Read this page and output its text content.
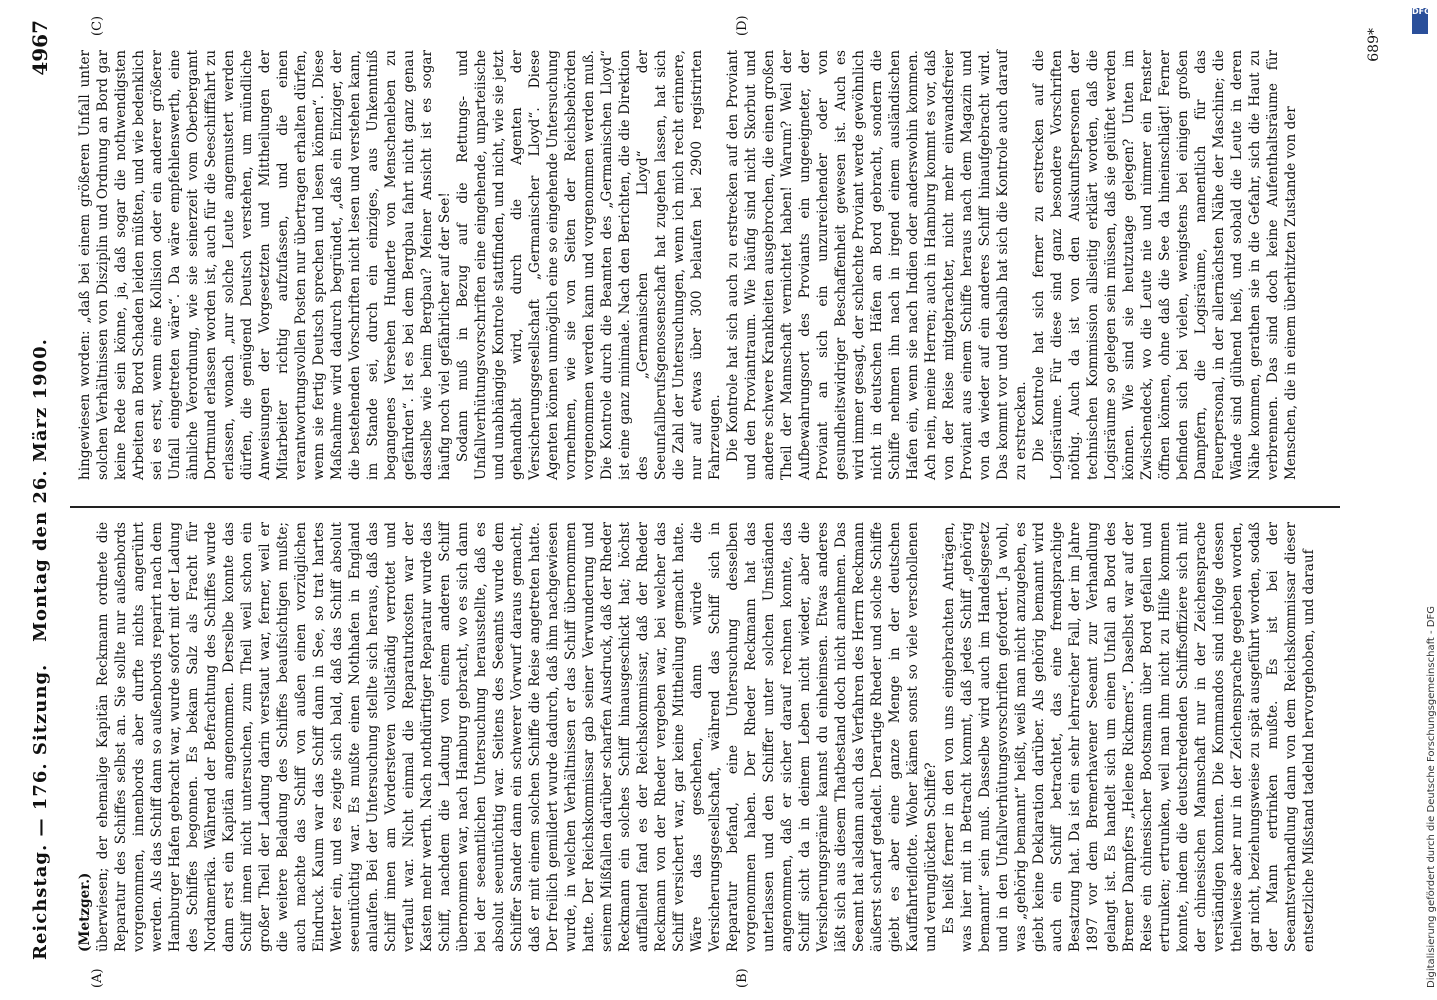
Reichstag. — 176. Sitzung.
Montag den 26. März 1900.
4967
(A)	(B)
(C)	(D)

(Metzger.) überwiesen; der ehemalige Kapitän Reckmann ordnete die Reparatur des Schiffes selbst an. Sie sollte nur außenbords vorgenommen, innenbords aber durfte nichts angerührt werden. Als das Schiff dann so außenbords reparirt nach dem Hamburger Hafen gebracht war, wurde sofort mit der Ladung des Schiffes begonnen. Es bekam Salz als Fracht für Nordamerika. Während der Befrachtung des Schiffes wurde dann erst ein Kapitän angenommen. Derselbe konnte das Schiff innen nicht untersuchen, zum Theil weil schon ein großer Theil der Ladung darin verstaut war, ferner, weil er die weitere Beladung des Schiffes beaufsichtigen mußte; auch machte das Schiff von außen einen vorzüglichen Eindruck. Kaum war das Schiff dann in See, so trat hartes Wetter ein, und es zeigte sich bald, daß das Schiff absolut seeuntüchtig war. Es mußte einen Nothhafen in England anlaufen. Bei der Untersuchung stellte sich heraus, daß das Schiff innen am Vordersteven vollständig verrottet und verfault war. Nicht einmal die Reparaturkosten war der Kasten mehr werth. Nach nothdürftiger Reparatur wurde das Schiff, nachdem die Ladung von einem anderen Schiff übernommen war, nach Hamburg gebracht, wo es sich dann bei der seeamtlichen Untersuchung herausstellte, daß es absolut seeuntüchtig war. Seitens des Seeamts wurde dem Schiffer Sander dann ein schwerer Vorwurf daraus gemacht, daß er mit einem solchen Schiffe die Reise angetreten hatte. Der freilich gemildert wurde dadurch, daß ihm nachgewiesen wurde, in welchen Verhältnissen er das Schiff übernommen hatte. Der Reichskommissar gab seiner Verwunderung und seinem Mißfallen darüber scharfen Ausdruck, daß der Rheder Reckmann ein solches Schiff hinausgeschickt hat; höchst auffallend fand es der Reichskommissar, daß der Rheder Reckmann von der Rheder vergeben war, bei welcher das Schiff versichert war, gar keine Mittheilung gemacht hatte. Wäre das geschehen, dann würde die Versicherungsgesellschaft, während das Schiff sich in Reparatur befand, eine Untersuchung desselben vorgenommen haben. Der Rheder Reckmann hat das unterlassen und den Schiffer unter solchen Umständen angenommen, daß er sicher darauf rechnen konnte, das Schiff sicht da in deinem Leben nicht wieder, aber die Versicherungsprämie kannst du einheimsen. Etwas anderes läßt sich aus diesem Thatbestand doch nicht annehmen. Das Seeamt hat alsdann auch das Verfahren des Herrn Reckmann äußerst scharf getadelt. Derartige Rheder und solche Schiffe giebt es aber eine ganze Menge in der deutschen Kauffahrteiflotte. Woher kämen sonst so viele verschollenen und verunglückten Schiffe? Es heißt ferner in den von uns eingebrachten Anträgen, was hier mit in Betracht kommt, daß jedes Schiff „gehörig bemannt“ sein muß. Dasselbe wird auch im Handelsgesetz und in den Unfallverhütungsvorschriften gefordert. Ja wohl, was „gehörig bemannt“ heißt, weiß man nicht anzugeben, es giebt keine Deklaration darüber. Als gehörig bemannt wird auch ein Schiff betrachtet, das eine fremdsprachige Besatzung hat. Da ist ein sehr lehrreicher Fall, der im Jahre 1897 vor dem Bremerhavener Seeamt zur Verhandlung gelangt ist. Es handelt sich um einen Unfall an Bord des Bremer Dampfers „Helene Rickmers“. Daselbst war auf der Reise ein chinesischer Bootsmann über Bord gefallen und ertrunken; ertrunken, weil man ihm nicht zu Hilfe kommen konnte, indem die deutschredenden Schiffsoffiziere sich mit der chinesischen Mannschaft nur in der Zeichensprache verständigen konnten. Die Kommandos sind infolge dessen theilweise aber nur in der Zeichensprache gegeben worden, gar nicht, beziehungsweise zu spät ausgeführt worden, sodaß der Mann ertrinken mußte. Es ist bei der Seeamtsverhandlung dann von dem Reichskommissar dieser entsetzliche Mißstand tadelnd hervorgehoben, und darauf

hingewiesen worden: „daß bei einem größeren Unfall unter solchen Verhältnissen von Disziplin und Ordnung an Bord gar keine Rede sein könne, ja, daß sogar die nothwendigsten Arbeiten an Bord Schaden leiden müßten, und wie bedenklich sei es erst, wenn eine Kollision oder ein anderer größerer Unfall eingetreten wäre“. Da wäre empfehlenswerth, eine ähnliche Verordnung, wie sie seinerzeit vom Oberbergamt Dortmund erlassen worden ist, auch für die Seeschifffahrt zu erlassen, wonach „nur solche Leute angemustert werden dürfen, die genügend Deutsch verstehen, um mündliche Anweisungen der Vorgesetzten und Mittheilungen der Mitarbeiter richtig aufzufassen, und die einen verantwortungsvollen Posten nur übertragen erhalten dürfen, wenn sie fertig Deutsch sprechen und lesen können“. Diese Maßnahme wird dadurch begründet, „daß ein Einziger, der die bestehenden Vorschriften nicht lesen und verstehen kann, im Stande sei, durch ein einziges, aus Unkenntniß begangenes Versehen Hunderte von Menschenleben zu gefährden“. Ist es bei dem Bergbau fahrt nicht ganz genau dasselbe wie beim Bergbau? Meiner Ansicht ist es sogar häufig noch viel gefährlicher auf der See! Sodann muß in Bezug auf die Rettungs- und Unfallverhütungsvorschriften eine eingehende, unparteiische und unabhängige Kontrole stattfinden, und nicht, wie sie jetzt gehandhabt wird, durch die Agenten der Versicherungsgesellschaft „Germanischer Lloyd“. Diese Agenten können unmöglich eine so eingehende Untersuchung vornehmen, wie sie von Seiten der Reichsbehörden vorgenommen werden kann und vorgenommen werden muß. Die Kontrole durch die Beamten des „Germanischen Lloyd“ ist eine ganz minimale. Nach den Berichten, die die Direktion des „Germanischen Lloyd“ der Seeunfallberufsgenossenschaft hat zugehen lassen, hat sich die Zahl der Untersuchungen, wenn ich mich recht erinnere, nur auf etwas über 300 belaufen bei 2900 registrirten Fahrzeugen. Die Kontrole hat sich auch zu erstrecken auf den Proviant und den Proviantraum. Wie häufig sind nicht Skorbut und andere schwere Krankheiten ausgebrochen, die einen großen Theil der Mannschaft vernichtet haben! Warum? Weil der Aufbewahrungsort des Proviants ein ungeeigneter, der Proviant an sich ein unzureichender oder von gesundheitswidriger Beschaffenheit gewesen ist. Auch es wird immer gesagt, der schlechte Proviant werde gewöhnlich nicht in deutschen Häfen an Bord gebracht, sondern die Schiffe nehmen ihn nach in irgend einem ausländischen Hafen ein, wenn sie nach Indien oder anderswohin kommen. Ach nein, meine Herren; auch in Hamburg kommt es vor, daß von der Reise mitgebrachter, nicht mehr einwandsfreier Proviant aus einem Schiffe heraus nach dem Magazin und von da wieder auf ein anderes Schiff hinaufgebracht wird. Das kommt vor und deshalb hat sich die Kontrole auch darauf zu erstrecken. Die Kontrole hat sich ferner zu erstrecken auf die Logisräume. Für diese sind ganz besondere Vorschriften nöthig. Auch da ist von den Auskunftspersonen der technischen Kommission allseitig erklärt worden, daß die Logisräume so gelegen sein müssen, daß sie gelüftet werden können. Wie sind sie heutzutage gelegen? Unten im Zwischendeck, wo die Leute nie und nimmer ein Fenster öffnen können, ohne daß die See da hineinschlägt! Ferner befinden sich bei vielen, wenigstens bei einigen großen Dampfern, die Logisräume, namentlich für das Feuerpersonal, in der allernächsten Nähe der Maschine; die Wände sind glühend heiß, und sobald die Leute in deren Nähe kommen, gerathen sie in die Gefahr, sich die Haut zu verbrennen. Das sind doch keine Aufenthaltsräume für Menschen, die in einem überhitzten Zustande von der

689*
DFG
Digitalisierung gefördert durch die Deutsche Forschungsgemeinschaft - DFG
